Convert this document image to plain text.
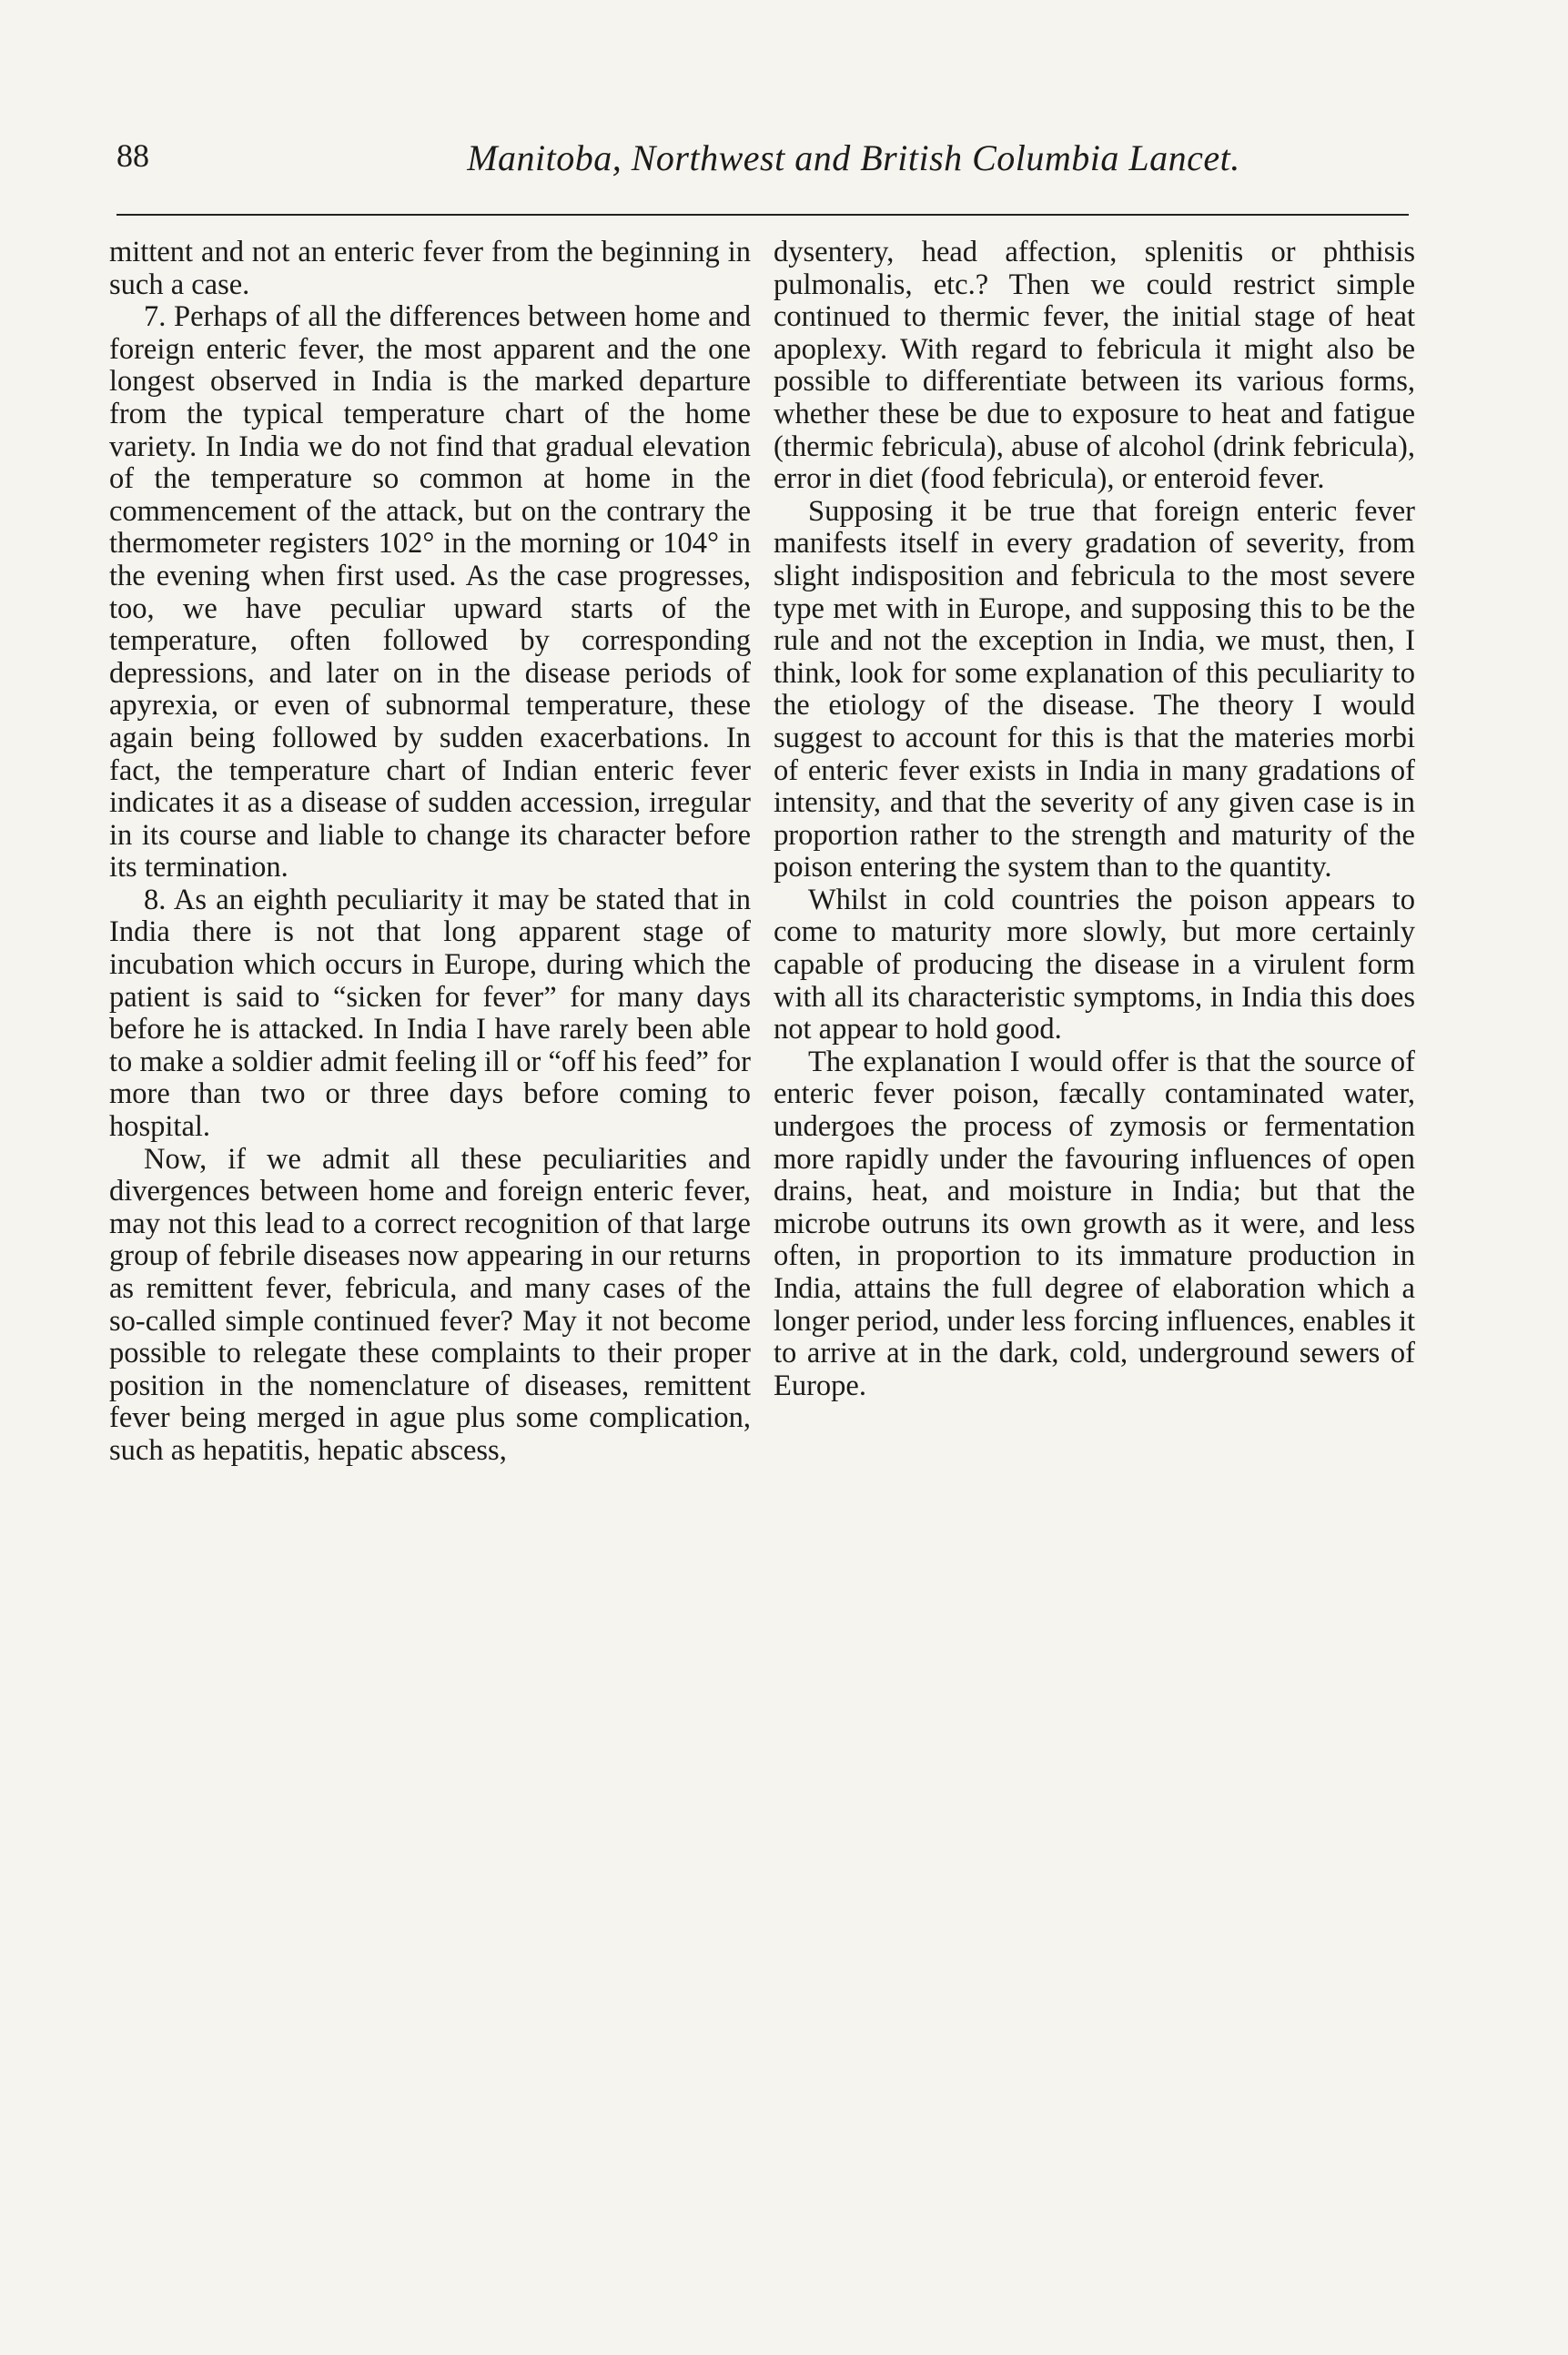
88	Manitoba, Northwest and British Columbia Lancet.

mittent and not an enteric fever from the beginning in such a case.

7. Perhaps of all the differences between home and foreign enteric fever, the most apparent and the one longest observed in India is the marked departure from the typical temperature chart of the home variety. In India we do not find that gradual elevation of the temperature so common at home in the commencement of the attack, but on the contrary the thermometer registers 102° in the morning or 104° in the evening when first used. As the case progresses, too, we have peculiar upward starts of the temperature, often followed by corresponding depressions, and later on in the disease periods of apyrexia, or even of subnormal temperature, these again being followed by sudden exacerbations. In fact, the temperature chart of Indian enteric fever indicates it as a disease of sudden accession, irregular in its course and liable to change its character before its termination.

8. As an eighth peculiarity it may be stated that in India there is not that long apparent stage of incubation which occurs in Europe, during which the patient is said to “sicken for fever” for many days before he is attacked. In India I have rarely been able to make a soldier admit feeling ill or “off his feed” for more than two or three days before coming to hospital.

Now, if we admit all these peculiarities and divergences between home and foreign enteric fever, may not this lead to a correct recognition of that large group of febrile diseases now appearing in our returns as remittent fever, febricula, and many cases of the so-called simple continued fever? May it not become possible to relegate these complaints to their proper position in the nomenclature of diseases, remittent fever being merged in ague plus some complication, such as hepatitis, hepatic abscess,

dysentery, head affection, splenitis or phthisis pulmonalis, etc.? Then we could restrict simple continued to thermic fever, the initial stage of heat apoplexy. With regard to febricula it might also be possible to differentiate between its various forms, whether these be due to exposure to heat and fatigue (thermic febricula), abuse of alcohol (drink febricula), error in diet (food febricula), or enteroid fever.

Supposing it be true that foreign enteric fever manifests itself in every gradation of severity, from slight indisposition and febricula to the most severe type met with in Europe, and supposing this to be the rule and not the exception in India, we must, then, I think, look for some explanation of this peculiarity to the etiology of the disease. The theory I would suggest to account for this is that the materies morbi of enteric fever exists in India in many gradations of intensity, and that the severity of any given case is in proportion rather to the strength and maturity of the poison entering the system than to the quantity.

Whilst in cold countries the poison appears to come to maturity more slowly, but more certainly capable of producing the disease in a virulent form with all its characteristic symptoms, in India this does not appear to hold good.

The explanation I would offer is that the source of enteric fever poison, fæcally contaminated water, undergoes the process of zymosis or fermentation more rapidly under the favouring influences of open drains, heat, and moisture in India; but that the microbe outruns its own growth as it were, and less often, in proportion to its immature production in India, attains the full degree of elaboration which a longer period, under less forcing influences, enables it to arrive at in the dark, cold, underground sewers of Europe.
